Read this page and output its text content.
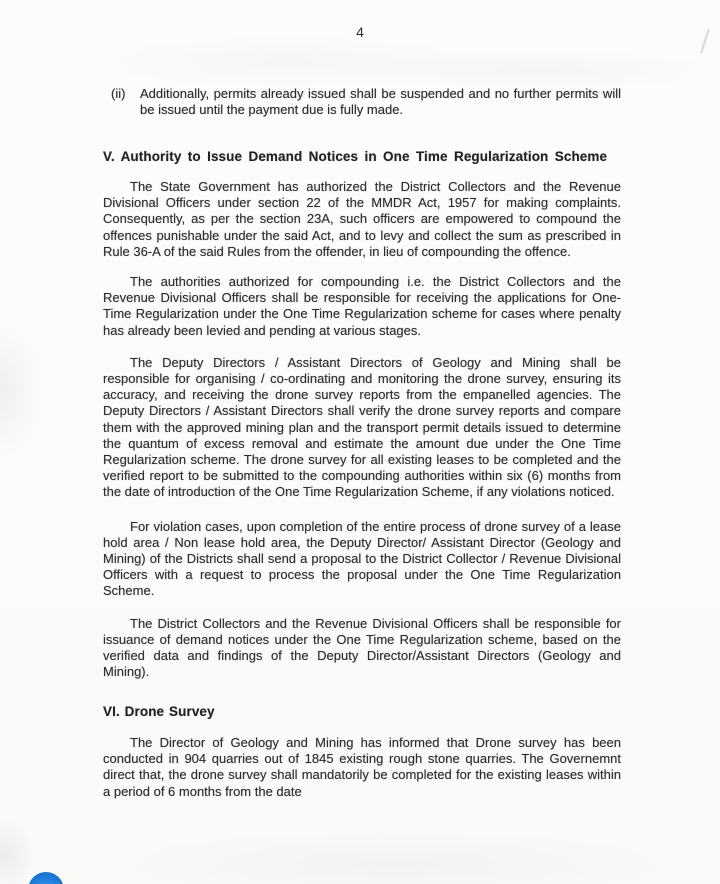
4
(ii)	Additionally, permits already issued shall be suspended and no further permits will be issued until the payment due is fully made.
V. Authority to Issue Demand Notices in One Time Regularization Scheme

The State Government has authorized the District Collectors and the Revenue Divisional Officers under section 22 of the MMDR Act, 1957 for making complaints. Consequently, as per the section 23A, such officers are empowered to compound the offences punishable under the said Act, and to levy and collect the sum as prescribed in Rule 36-A of the said Rules from the offender, in lieu of compounding the offence.

The authorities authorized for compounding i.e. the District Collectors and the Revenue Divisional Officers shall be responsible for receiving the applications for One-Time Regularization under the One Time Regularization scheme for cases where penalty has already been levied and pending at various stages.

The Deputy Directors / Assistant Directors of Geology and Mining shall be responsible for organising / co-ordinating and monitoring the drone survey, ensuring its accuracy, and receiving the drone survey reports from the empanelled agencies. The Deputy Directors / Assistant Directors shall verify the drone survey reports and compare them with the approved mining plan and the transport permit details issued to determine the quantum of excess removal and estimate the amount due under the One Time Regularization scheme. The drone survey for all existing leases to be completed and the verified report to be submitted to the compounding authorities within six (6) months from the date of introduction of the One Time Regularization Scheme, if any violations noticed.

For violation cases, upon completion of the entire process of drone survey of a lease hold area / Non lease hold area, the Deputy Director/ Assistant Director (Geology and Mining) of the Districts shall send a proposal to the District Collector / Revenue Divisional Officers with a request to process the proposal under the One Time Regularization Scheme.

The District Collectors and the Revenue Divisional Officers shall be responsible for issuance of demand notices under the One Time Regularization scheme, based on the verified data and findings of the Deputy Director/Assistant Directors (Geology and Mining).

VI. Drone Survey

The Director of Geology and Mining has informed that Drone survey has been conducted in 904 quarries out of 1845 existing rough stone quarries. The Governemnt direct that, the drone survey shall mandatorily be completed for the existing leases within a period of 6 months from the date
